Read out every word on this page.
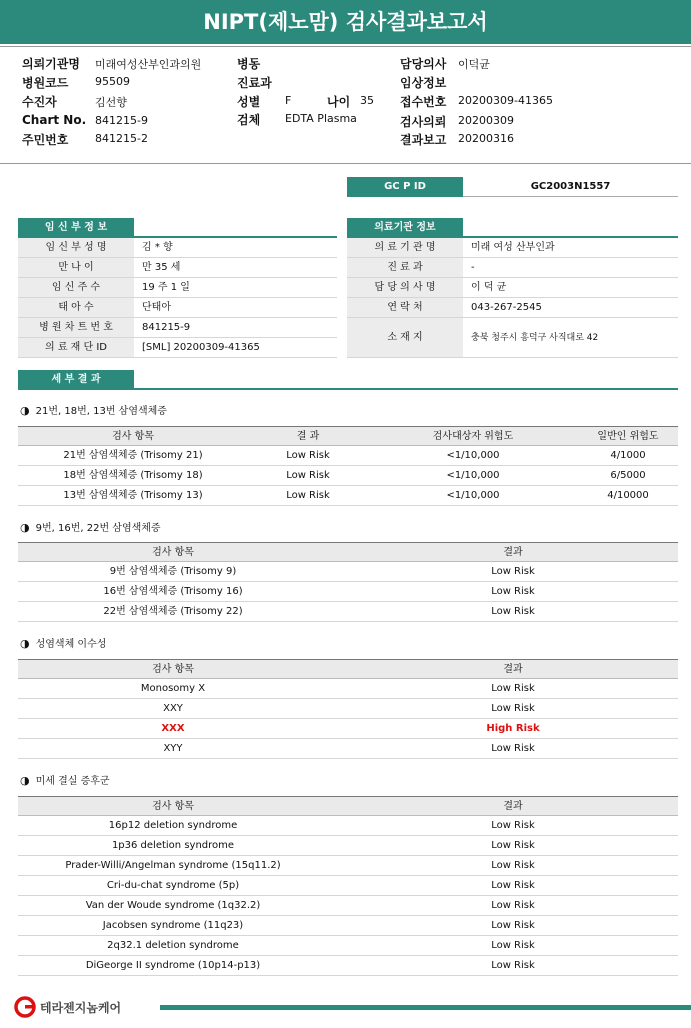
NIPT(제노맘) 검사결과보고서
의뢰기관명 미래여성산부인과의원
병원코드 95509
수진자	김선향
Chart No. 841215-9
주민번호 841215-2
병동
진료과
성별 F	나이 35
검체 EDTA Plasma
담당의사 이덕균
임상정보
접수번호 20200309-41365
검사의뢰 20200309
결과보고 20200316
GC P ID	GC2003N1557
임 신 부 정 보
임 신 부 성 명	김 * 향
만 나 이	만 35 세
임 신 주 수	19 주 1 일
태 아 수	단태아
병 원 차 트 번 호	841215-9
의 료 재 단 ID	[SML] 20200309-41365
의료기관 정보
의 료 기 관 명	미래 여성 산부인과
진 료 과	-
담 당 의 사 명	이 덕 균
연 락 처	043-267-2545
소 재 지	충북 청주시 흥덕구 사직대로 42
세 부 결 과
◑ 21번, 18번, 13번 삼염색체증
검사 항목	결 과	검사대상자 위험도	일반인 위험도
21번 삼염색체증 (Trisomy 21)	Low Risk	<1/10,000	4/1000
18번 삼염색체증 (Trisomy 18)	Low Risk	<1/10,000	6/5000
13번 삼염색체증 (Trisomy 13)	Low Risk	<1/10,000	4/10000
◑ 9번, 16번, 22번 삼염색체증
검사 항목	결과
9번 삼염색체증 (Trisomy 9)	Low Risk
16번 삼염색체증 (Trisomy 16)	Low Risk
22번 삼염색체증 (Trisomy 22)	Low Risk
◑ 성염색체 이수성
검사 항목	결과
Monosomy X	Low Risk
XXY	Low Risk
XXX	High Risk
XYY	Low Risk
◑ 미세 결실 증후군
검사 항목	결과
16p12 deletion syndrome	Low Risk
1p36 deletion syndrome	Low Risk
Prader-Willi/Angelman syndrome (15q11.2)	Low Risk
Cri-du-chat syndrome (5p)	Low Risk
Van der Woude syndrome (1q32.2)	Low Risk
Jacobsen syndrome (11q23)	Low Risk
2q32.1 deletion syndrome	Low Risk
DiGeorge II syndrome (10p14-p13)	Low Risk
테라젠지놈케어
